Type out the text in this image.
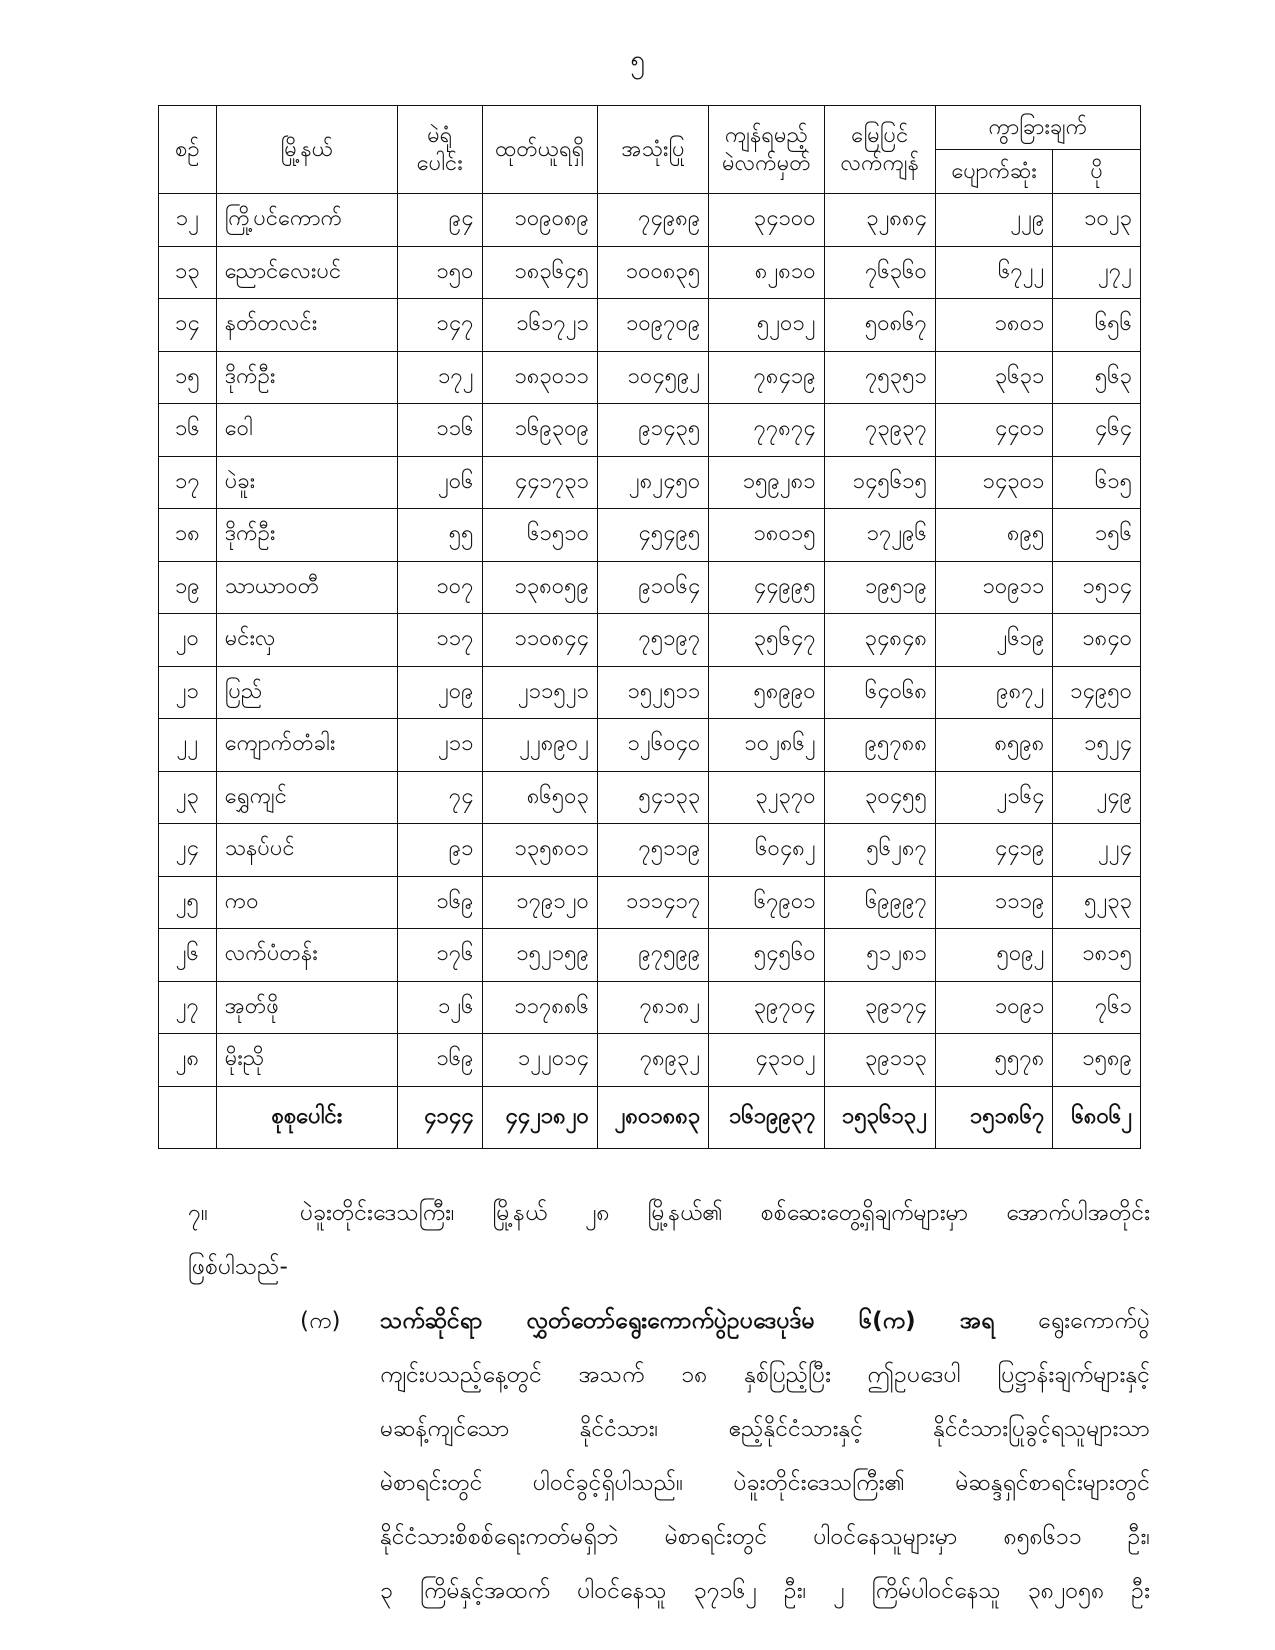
၅
စဉ်	မြို့နယ်	မဲရုံ ပေါင်း	ထုတ်ယူရရှိ	အသုံးပြု	ကျန်ရမည့် မဲလက်မှတ်	မြေပြင် လက်ကျန်	ကွာခြားချက်	
							ပျောက်ဆုံး	ပို
၁၂	ကြို့ပင်ကောက်	၉၄	၁၀၉၀၈၉	၇၄၉၈၉	၃၄၁၀၀	၃၂၈၈၄	၂၂၉	၁၀၂၃
၁၃	ညောင်လေးပင်	၁၅၀	၁၈၃၆၄၅	၁၀၀၈၃၅	၈၂၈၁၀	၇၆၃၆၀	၆၇၂၂	၂၇၂
၁၄	နတ်တလင်း	၁၄၇	၁၆၁၇၂၁	၁၀၉၇၀၉	၅၂၀၁၂	၅၀၈၆၇	၁၈၀၁	၆၅၆
၁၅	ဒိုက်ဦး	၁၇၂	၁၈၃၀၁၁	၁၀၄၅၉၂	၇၈၄၁၉	၇၅၃၅၁	၃၆၃၁	၅၆၃
၁၆	ဝေါ	၁၁၆	၁၆၉၃၀၉	၉၁၄၃၅	၇၇၈၇၄	၇၃၉၃၇	၄၄၀၁	၄၆၄
၁၇	ပဲခူး	၂၀၆	၄၄၁၇၃၁	၂၈၂၄၅၀	၁၅၉၂၈၁	၁၄၅၆၁၅	၁၄၃၀၁	၆၁၅
၁၈	ဒိုက်ဦး	၅၅	၆၁၅၁၀	၄၅၄၉၅	၁၈၀၁၅	၁၇၂၉၆	၈၉၅	၁၅၆
၁၉	သာယာဝတီ	၁၀၇	၁၃၈၀၅၉	၉၁၀၆၄	၄၄၉၉၅	၁၉၅၁၉	၁၀၉၁၁	၁၅၁၄
၂၀	မင်းလှ	၁၁၇	၁၁၀၈၄၄	၇၅၁၉၇	၃၅၆၄၇	၃၄၈၄၈	၂၆၁၉	၁၈၄၀
၂၁	ပြည်	၂၀၉	၂၁၁၅၂၁	၁၅၂၅၁၁	၅၈၉၉၀	၆၄၀၆၈	၉၈၇၂	၁၄၉၅၀
၂၂	ကျောက်တံခါး	၂၁၁	၂၂၈၉၀၂	၁၂၆၀၄၀	၁၀၂၈၆၂	၉၅၇၈၈	၈၅၉၈	၁၅၂၄
၂၃	ရွှေကျင်	၇၄	၈၆၅၀၃	၅၄၁၃၃	၃၂၃၇၀	၃၀၄၅၅	၂၁၆၄	၂၄၉
၂၄	သနပ်ပင်	၉၁	၁၃၅၈၀၁	၇၅၁၁၉	၆၀၄၈၂	၅၆၂၈၇	၄၄၁၉	၂၂၄
၂၅	ကဝ	၁၆၉	၁၇၉၁၂၀	၁၁၁၄၁၇	၆၇၉၀၁	၆၉၉၉၇	၁၁၁၉	၅၂၃၃
၂၆	လက်ပံတန်း	၁၇၆	၁၅၂၁၅၉	၉၇၅၉၉	၅၄၅၆၀	၅၁၂၈၁	၅၀၉၂	၁၈၁၅
၂၇	အုတ်ဖို	၁၂၆	၁၁၇၈၈၆	၇၈၁၈၂	၃၉၇၀၄	၃၉၁၇၄	၁၀၉၁	၇၆၁
၂၈	မိုးညို	၁၆၉	၁၂၂၀၁၄	၇၈၉၃၂	၄၃၁၀၂	၃၉၁၁၃	၅၅၇၈	၁၅၈၉
	စုစုပေါင်း	၄၁၄၄	၄၄၂၁၈၂၀	၂၈၀၁၈၈၃	၁၆၁၉၉၃၇	၁၅၃၆၁၃၂	၁၅၁၈၆၇	၆၈၀၆၂
၇။	ပဲခူးတိုင်းဒေသကြီး၊ မြို့နယ် ၂၈ မြို့နယ်၏ စစ်ဆေးတွေ့ရှိချက်များမှာ အောက်ပါအတိုင်း
ဖြစ်ပါသည်-
(က) သက်ဆိုင်ရာ လွှတ်တော်ရွေးကောက်ပွဲဥပဒေပုဒ်မ ၆(က) အရ ရွေးကောက်ပွဲ
ကျင်းပသည့်နေ့တွင် အသက် ၁၈ နှစ်ပြည့်ပြီး ဤဥပဒေပါ ပြဋ္ဌာန်းချက်များနှင့်
မဆန့်ကျင်သော နိုင်ငံသား၊ ဧည့်နိုင်ငံသားနှင့် နိုင်ငံသားပြုခွင့်ရသူများသာ
မဲစာရင်းတွင် ပါဝင်ခွင့်ရှိပါသည်။ ပဲခူးတိုင်းဒေသကြီး၏ မဲဆန္ဒရှင်စာရင်းများတွင်
နိုင်ငံသားစိစစ်ရေးကတ်မရှိဘဲ မဲစာရင်းတွင် ပါဝင်နေသူများမှာ ၈၅၈၆၁၁ ဦး၊
၃ ကြိမ်နှင့်အထက် ပါဝင်နေသူ ၃၇၁၆၂ ဦး၊ ၂ ကြိမ်ပါဝင်နေသူ ၃၈၂၀၅၈ ဦး
